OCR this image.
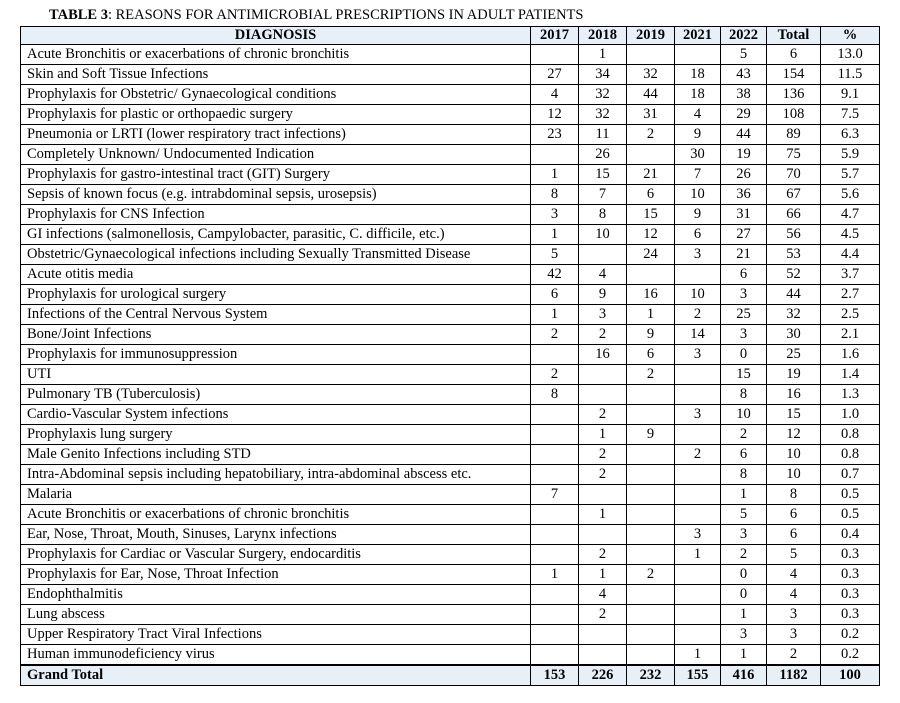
TABLE 3: REASONS FOR ANTIMICROBIAL PRESCRIPTIONS IN ADULT PATIENTS
DIAGNOSIS	2017	2018	2019	2021	2022	Total	%
Acute Bronchitis or exacerbations of chronic bronchitis		1			5	6	13.0
Skin and Soft Tissue Infections	27	34	32	18	43	154	11.5
Prophylaxis for Obstetric/ Gynaecological conditions	4	32	44	18	38	136	9.1
Prophylaxis for plastic or orthopaedic surgery	12	32	31	4	29	108	7.5
Pneumonia or LRTI (lower respiratory tract infections)	23	11	2	9	44	89	6.3
Completely Unknown/ Undocumented Indication		26		30	19	75	5.9
Prophylaxis for gastro-intestinal tract (GIT) Surgery	1	15	21	7	26	70	5.7
Sepsis of known focus (e.g. intrabdominal sepsis, urosepsis)	8	7	6	10	36	67	5.6
Prophylaxis for CNS Infection	3	8	15	9	31	66	4.7
GI infections (salmonellosis, Campylobacter, parasitic, C. difficile, etc.)	1	10	12	6	27	56	4.5
Obstetric/Gynaecological infections including Sexually Transmitted Disease	5		24	3	21	53	4.4
Acute otitis media	42	4			6	52	3.7
Prophylaxis for urological surgery	6	9	16	10	3	44	2.7
Infections of the Central Nervous System	1	3	1	2	25	32	2.5
Bone/Joint Infections	2	2	9	14	3	30	2.1
Prophylaxis for immunosuppression		16	6	3	0	25	1.6
UTI	2		2		15	19	1.4
Pulmonary TB (Tuberculosis)	8				8	16	1.3
Cardio-Vascular System infections		2		3	10	15	1.0
Prophylaxis lung surgery		1	9		2	12	0.8
Male Genito Infections including STD		2		2	6	10	0.8
Intra-Abdominal sepsis including hepatobiliary, intra-abdominal abscess etc.		2			8	10	0.7
Malaria	7				1	8	0.5
Acute Bronchitis or exacerbations of chronic bronchitis		1			5	6	0.5
Ear, Nose, Throat, Mouth, Sinuses, Larynx infections				3	3	6	0.4
Prophylaxis for Cardiac or Vascular Surgery, endocarditis		2		1	2	5	0.3
Prophylaxis for Ear, Nose, Throat Infection	1	1	2		0	4	0.3
Endophthalmitis		4			0	4	0.3
Lung abscess		2			1	3	0.3
Upper Respiratory Tract Viral Infections					3	3	0.2
Human immunodeficiency virus				1	1	2	0.2
Grand Total	153	226	232	155	416	1182	100
